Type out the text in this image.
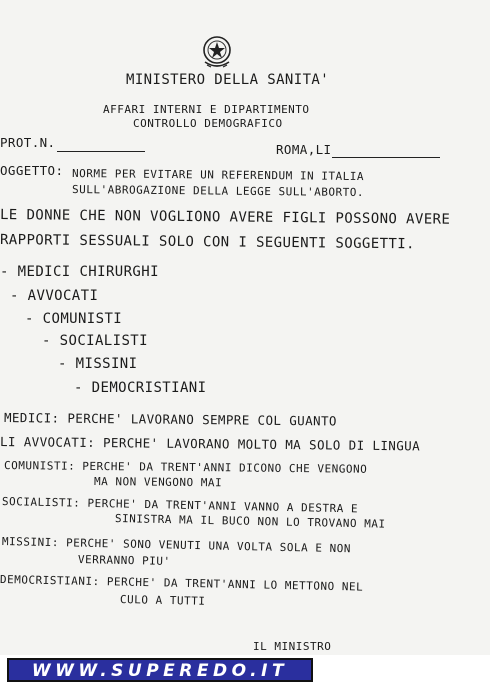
MINISTERO DELLA SANITA'
AFFARI INTERNI E DIPARTIMENTO
CONTROLLO DEMOGRAFICO
PROT.N.	ROMA,LI
OGGETTO: NORME PER EVITARE UN REFERENDUM IN ITALIA
SULL'ABROGAZIONE DELLA LEGGE SULL'ABORTO.
LE DONNE CHE NON VOGLIONO AVERE FIGLI POSSONO AVERE
RAPPORTI SESSUALI SOLO CON I SEGUENTI SOGGETTI.
- MEDICI CHIRURGHI
- AVVOCATI
- COMUNISTI
- SOCIALISTI
- MISSINI
- DEMOCRISTIANI
MEDICI: PERCHE' LAVORANO SEMPRE COL GUANTO
LI AVVOCATI: PERCHE' LAVORANO MOLTO MA SOLO DI LINGUA
COMUNISTI: PERCHE' DA TRENT'ANNI DICONO CHE VENGONO
MA NON VENGONO MAI
SOCIALISTI: PERCHE' DA TRENT'ANNI VANNO A DESTRA E
SINISTRA MA IL BUCO NON LO TROVANO MAI
MISSINI: PERCHE' SONO VENUTI UNA VOLTA SOLA E NON
VERRANNO PIU'
DEMOCRISTIANI: PERCHE' DA TRENT'ANNI LO METTONO NEL
CULO A TUTTI
IL MINISTRO
WWW.SUPEREDO.IT
